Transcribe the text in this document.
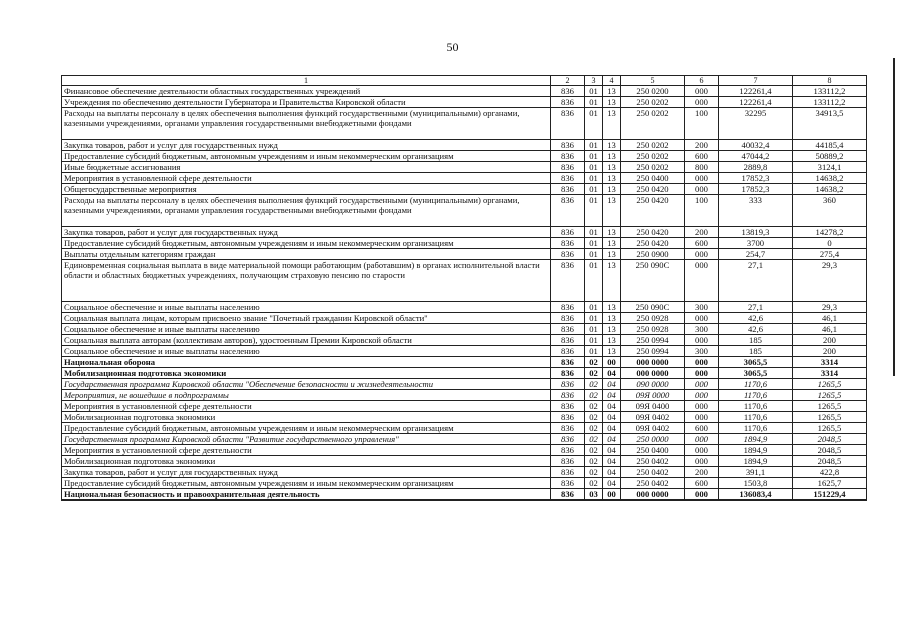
50
1	2	3	4	5	6	7	8
Финансовое обеспечение деятельности областных государственных учреждений	836	01	13	250 0200	000	122261,4	133112,2
Учреждения по обеспечению деятельности Губернатора и Правительства Кировской области	836	01	13	250 0202	000	122261,4	133112,2
Расходы на выплаты персоналу в целях обеспечения выполнения функций государственными (муниципальными) органами, казенными учреждениями, органами управления государственными внебюджетными фондами	836	01	13	250 0202	100	32295	34913,5
Закупка товаров, работ и услуг для государственных нужд	836	01	13	250 0202	200	40032,4	44185,4
Предоставление субсидий бюджетным, автономным учреждениям и иным некоммерческим организациям	836	01	13	250 0202	600	47044,2	50889,2
Иные бюджетные ассигнования	836	01	13	250 0202	800	2889,8	3124,1
Мероприятия в установленной сфере деятельности	836	01	13	250 0400	000	17852,3	14638,2
Общегосударственные мероприятия	836	01	13	250 0420	000	17852,3	14638,2
Расходы на выплаты персоналу в целях обеспечения выполнения функций государственными (муниципальными) органами, казенными учреждениями, органами управления государственными внебюджетными фондами	836	01	13	250 0420	100	333	360
Закупка товаров, работ и услуг для государственных нужд	836	01	13	250 0420	200	13819,3	14278,2
Предоставление субсидий бюджетным, автономным учреждениям и иным некоммерческим организациям	836	01	13	250 0420	600	3700	0
Выплаты отдельным категориям граждан	836	01	13	250 0900	000	254,7	275,4
Единовременная социальная выплата в виде материальной помощи работающим (работавшим) в органах исполнительной власти области и областных бюджетных учреждениях, получающим страховую пенсию по старости	836	01	13	250 090С	000	27,1	29,3
Социальное обеспечение и иные выплаты населению	836	01	13	250 090С	300	27,1	29,3
Социальная выплата лицам, которым присвоено звание "Почетный гражданин Кировской области"	836	01	13	250 0928	000	42,6	46,1
Социальное обеспечение и иные выплаты населению	836	01	13	250 0928	300	42,6	46,1
Социальная выплата авторам (коллективам авторов), удостоенным Премии Кировской области	836	01	13	250 0994	000	185	200
Социальное обеспечение и иные выплаты населению	836	01	13	250 0994	300	185	200
Национальная оборона	836	02	00	000 0000	000	3065,5	3314
Мобилизационная подготовка экономики	836	02	04	000 0000	000	3065,5	3314
Государственная программа Кировской области "Обеспечение безопасности и жизнедеятельности	836	02	04	090 0000	000	1170,6	1265,5
Мероприятия, не вошедшие в подпрограммы	836	02	04	09Я 0000	000	1170,6	1265,5
Мероприятия в установленной сфере деятельности	836	02	04	09Я 0400	000	1170,6	1265,5
Мобилизационная подготовка экономики	836	02	04	09Я 0402	000	1170,6	1265,5
Предоставление субсидий бюджетным, автономным учреждениям и иным некоммерческим организациям	836	02	04	09Я 0402	600	1170,6	1265,5
Государственная программа Кировской области "Развитие государственного управления"	836	02	04	250 0000	000	1894,9	2048,5
Мероприятия в установленной сфере деятельности	836	02	04	250 0400	000	1894,9	2048,5
Мобилизационная подготовка экономики	836	02	04	250 0402	000	1894,9	2048,5
Закупка товаров, работ и услуг для государственных нужд	836	02	04	250 0402	200	391,1	422,8
Предоставление субсидий бюджетным, автономным учреждениям и иным некоммерческим организациям	836	02	04	250 0402	600	1503,8	1625,7
Национальная безопасность и правоохранительная деятельность	836	03	00	000 0000	000	136083,4	151229,4
